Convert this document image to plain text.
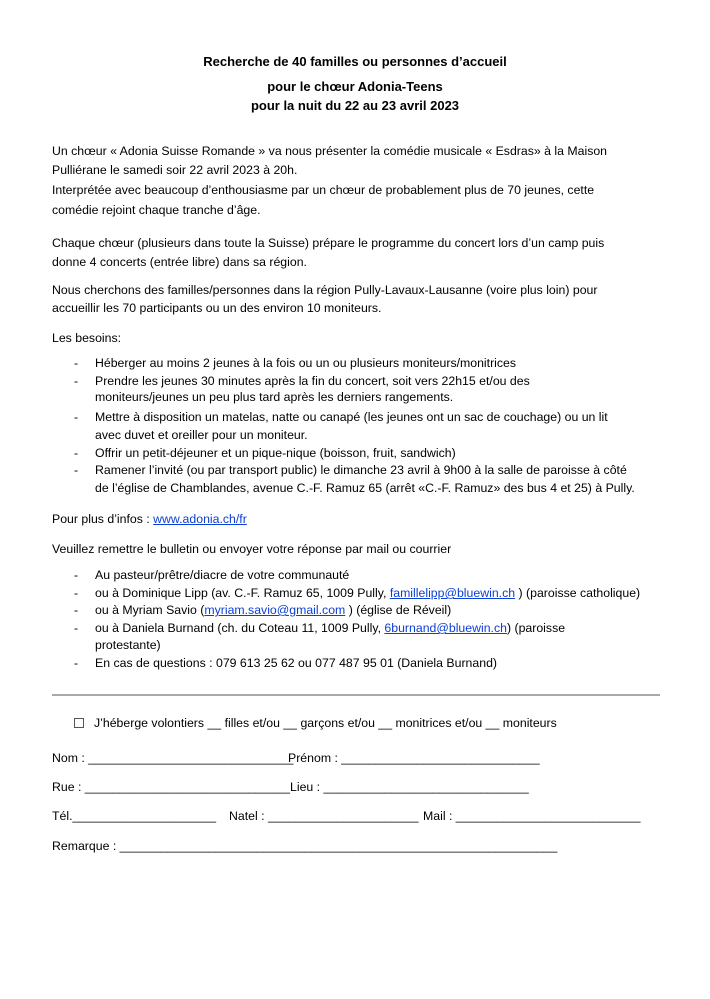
Recherche de 40 familles ou personnes d’accueil
pour le chœur Adonia-Teens
pour la nuit du 22 au 23 avril 2023
Un chœur « Adonia Suisse Romande » va nous présenter la comédie musicale « Esdras» à la Maison
Pulliérane le samedi soir 22 avril 2023 à 20h.
Interprétée avec beaucoup d’enthousiasme par un chœur de probablement plus de 70 jeunes, cette
comédie rejoint chaque tranche d’âge.
Chaque chœur (plusieurs dans toute la Suisse) prépare le programme du concert lors d’un camp puis
donne 4 concerts (entrée libre) dans sa région.
Nous cherchons des familles/personnes dans la région Pully-Lavaux-Lausanne (voire plus loin) pour
accueillir les 70 participants ou un des environ 10 moniteurs.
Les besoins:
- Héberger au moins 2 jeunes à la fois ou un ou plusieurs moniteurs/monitrices
- Prendre les jeunes 30 minutes après la fin du concert, soit vers 22h15 et/ou des
moniteurs/jeunes un peu plus tard après les derniers rangements.
- Mettre à disposition un matelas, natte ou canapé (les jeunes ont un sac de couchage) ou un lit
avec duvet et oreiller pour un moniteur.
- Offrir un petit-déjeuner et un pique-nique (boisson, fruit, sandwich)
- Ramener l’invité (ou par transport public) le dimanche 23 avril à 9h00 à la salle de paroisse à côté
de l’église de Chamblandes, avenue C.-F. Ramuz 65 (arrêt «C.-F. Ramuz» des bus 4 et 25) à Pully.
Pour plus d’infos : www.adonia.ch/fr
Veuillez remettre le bulletin ou envoyer votre réponse par mail ou courrier
- Au pasteur/prêtre/diacre de votre communauté
- ou à Dominique Lipp (av. C.-F. Ramuz 65, 1009 Pully, famillelipp@bluewin.ch ) (paroisse catholique)
- ou à Myriam Savio (myriam.savio@gmail.com ) (église de Réveil)
- ou à Daniela Burnand (ch. du Coteau 11, 1009 Pully, 6burnand@bluewin.ch) (paroisse
protestante)
- En cas de questions : 079 613 25 62 ou 077 487 95 01 (Daniela Burnand)
J’héberge volontiers __ filles et/ou __ garçons et/ou __ monitrices et/ou __ moniteurs
Nom : ______________________________
Prénom : _____________________________
Rue : ______________________________ Lieu : ______________________________
Tél._____________________ Natel : ______________________ Mail : ___________________________
Remarque : ________________________________________________________________
